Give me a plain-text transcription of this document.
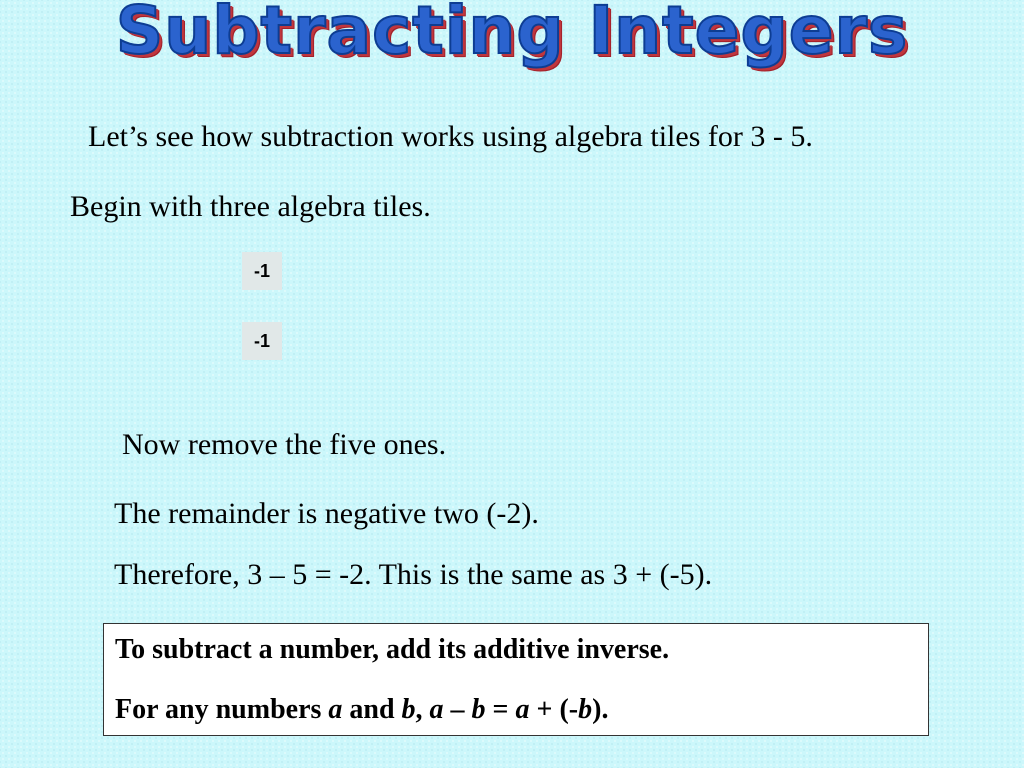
Subtracting Integers
Let’s see how subtraction works using algebra tiles for 3 - 5.
Begin with three algebra tiles.
-1
-1
Now remove the five ones.
The remainder is negative two (-2).
Therefore, 3 – 5 = -2. This is the same as 3 + (-5).
To subtract a number, add its additive inverse.
For any numbers a and b, a – b = a + (-b).
